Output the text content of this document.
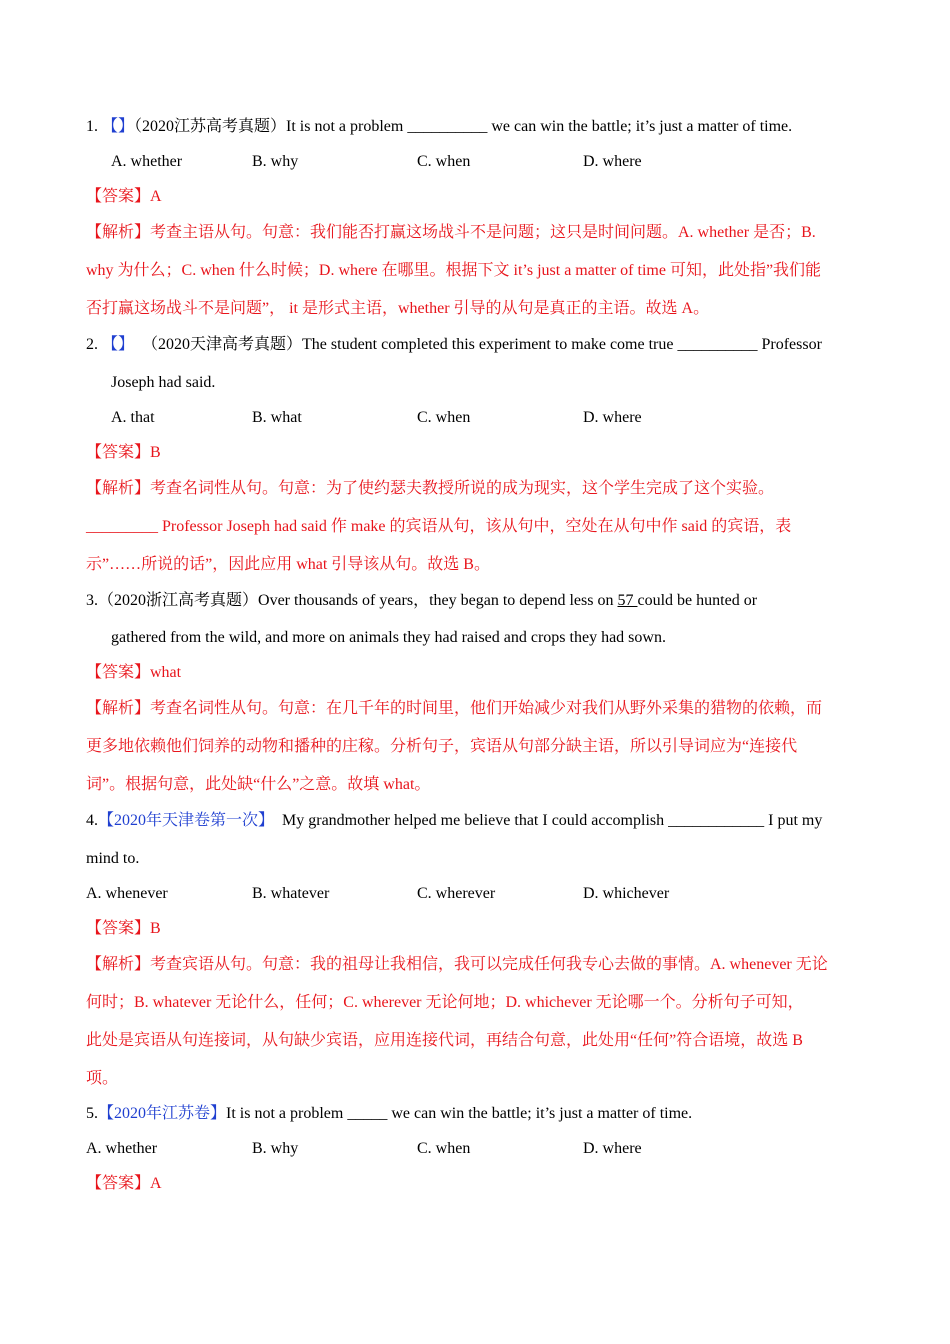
1. 【】（2020江苏高考真题）It is not a problem __________ we can win the battle; it’s just a matter of time.
A. whether	B. why	C. when	D. where
【答案】A
【解析】考查主语从句。句意：我们能否打赢这场战斗不是问题；这只是时间问题。A. whether 是否；B.
why 为什么；C. when 什么时候；D. where 在哪里。根据下文 it’s just a matter of time 可知，此处指”我们能
否打赢这场战斗不是问题”， it 是形式主语，whether 引导的从句是真正的主语。故选 A。
2. 【】 （2020天津高考真题）The student completed this experiment to make come true __________ Professor
Joseph had said.
A. that	B. what	C. when	D. where
【答案】B
【解析】考查名词性从句。句意：为了使约瑟夫教授所说的成为现实，这个学生完成了这个实验。
_________ Professor Joseph had said 作 make 的宾语从句，该从句中，空处在从句中作 said 的宾语，表
示”……所说的话”，因此应用 what 引导该从句。故选 B。
3.（2020浙江高考真题）Over thousands of years，they began to depend less on 57 could be hunted or
gathered from the wild, and more on animals they had raised and crops they had sown.
【答案】what
【解析】考查名词性从句。句意：在几千年的时间里，他们开始减少对我们从野外采集的猎物的依赖，而
更多地依赖他们饲养的动物和播种的庄稼。分析句子，宾语从句部分缺主语，所以引导词应为“连接代
词”。根据句意，此处缺“什么”之意。故填 what。
4.【2020年天津卷第一次】 My grandmother helped me believe that I could accomplish ____________ I put my
mind to.
A. whenever	B. whatever	C. wherever	D. whichever
【答案】B
【解析】考查宾语从句。句意：我的祖母让我相信，我可以完成任何我专心去做的事情。A. whenever 无论
何时；B. whatever 无论什么，任何；C. wherever 无论何地；D. whichever 无论哪一个。分析句子可知，
此处是宾语从句连接词，从句缺少宾语，应用连接代词，再结合句意，此处用“任何”符合语境，故选 B
项。
5.【2020年江苏卷】It is not a problem _____ we can win the battle; it’s just a matter of time.
A. whether	B. why	C. when	D. where
【答案】A
